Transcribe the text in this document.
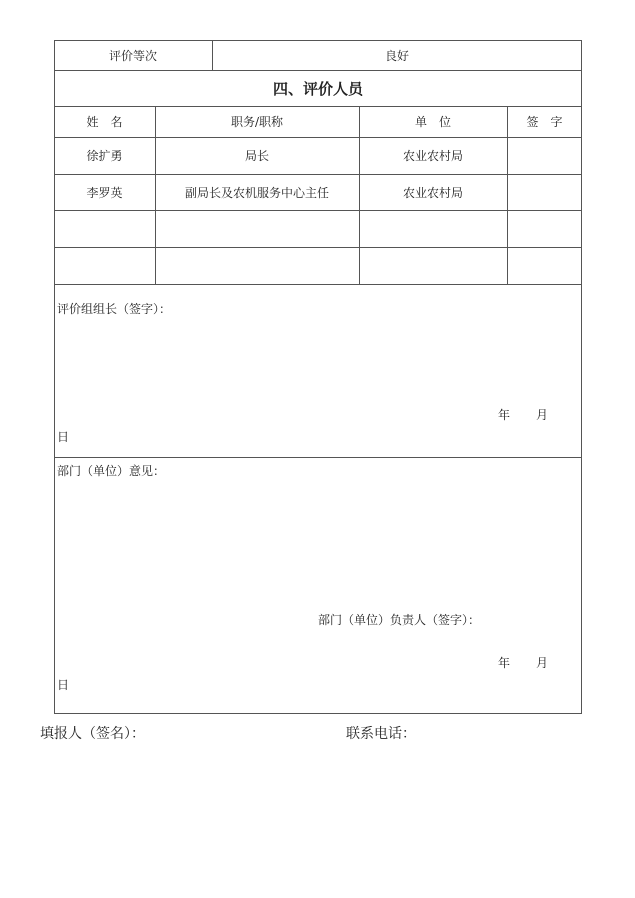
评价等次	良好
四、评价人员
姓　名	职务/职称	单　位	签　字
徐扩勇	局长	农业农村局
李罗英	副局长及农机服务中心主任	农业农村局
评价组组长（签字）：
年 月
日
部门（单位）意见：
部门（单位）负责人（签字）：
年 月
日
填报人（签名）：	联系电话：
